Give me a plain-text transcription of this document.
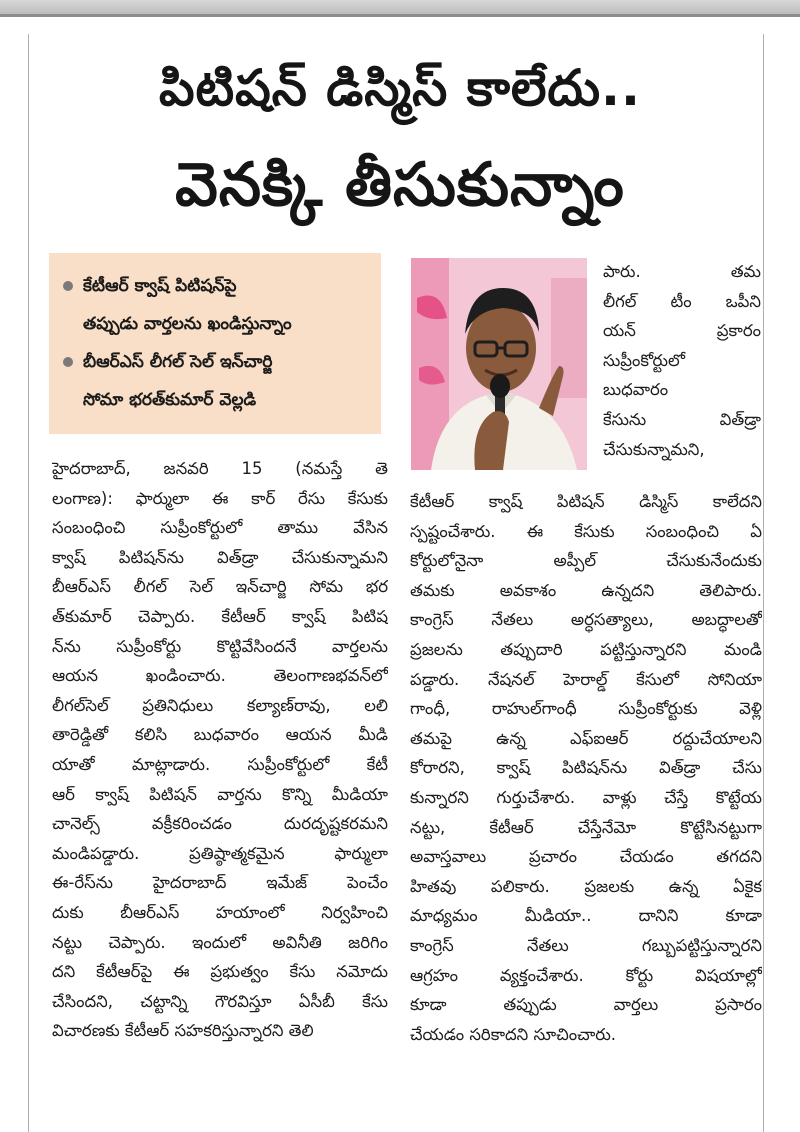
పిటిషన్ డిస్మిస్ కాలేదు..
వెనక్కి తీసుకున్నాం
కేటీఆర్ క్వాష్ పిటిషన్‌పై
తప్పుడు వార్తలను ఖండిస్తున్నాం
బీఆర్ఎస్ లీగల్ సెల్ ఇన్‌చార్జి
సోమా భరత్‌కుమార్ వెల్లడి
హైదరాబాద్, జనవరి 15 (నమస్తే తె
లంగాణ): ఫార్ములా ఈ కార్ రేసు కేసుకు
సంబంధించి సుప్రీంకోర్టులో తాము వేసిన
క్వాష్ పిటిషన్‌ను విత్‌డ్రా చేసుకున్నామని
బీఆర్ఎస్ లీగల్ సెల్ ఇన్‌చార్జి సోమ భర
త్‌కుమార్ చెప్పారు. కేటీఆర్ క్వాష్ పిటిష
న్‌ను సుప్రీంకోర్టు కొట్టివేసిందనే వార్తలను
ఆయన ఖండించారు. తెలంగాణభవన్‌లో
లీగల్‌సెల్ ప్రతినిధులు కల్యాణ్‌రావు, లలి
తారెడ్డితో కలిసి బుధవారం ఆయన మీడి
యాతో మాట్లాడారు. సుప్రీంకోర్టులో కేటీ
ఆర్ క్వాష్ పిటిషన్ వార్తను కొన్ని మీడియా
చానెల్స్ వక్రీకరించడం దురదృష్టకరమని
మండిపడ్డారు. ప్రతిష్ఠాత్మకమైన ఫార్ములా
ఈ-రేస్‌ను హైదరాబాద్ ఇమేజ్ పెంచేం
దుకు బీఆర్ఎస్ హయాంలో నిర్వహించి
నట్టు చెప్పారు. ఇందులో అవినీతి జరిగిం
దని కేటీఆర్‌పై ఈ ప్రభుత్వం కేసు నమోదు
చేసిందని, చట్టాన్ని గౌరవిస్తూ ఏసీబీ కేసు
విచారణకు కేటీఆర్ సహకరిస్తున్నారని తెలి
పారు. తమ
లీగల్ టీం ఒపీని
యన్ ప్రకారం
సుప్రీంకోర్టులో
బుధవారం
కేసును విత్‌డ్రా
చేసుకున్నామని,
కేటీఆర్ క్వాష్ పిటిషన్ డిస్మిస్ కాలేదని
స్పష్టంచేశారు. ఈ కేసుకు సంబంధించి ఏ
కోర్టులోనైనా అప్పీల్ చేసుకునేందుకు
తమకు అవకాశం ఉన్నదని తెలిపారు.
కాంగ్రెస్ నేతలు అర్ధసత్యాలు, అబద్ధాలతో
ప్రజలను తప్పుదారి పట్టిస్తున్నారని మండి
పడ్డారు. నేషనల్ హెరాల్డ్ కేసులో సోనియా
గాంధీ, రాహుల్‌గాంధీ సుప్రీంకోర్టుకు వెళ్లి
తమపై ఉన్న ఎఫ్ఐఆర్ రద్దుచేయాలని
కోరారని, క్వాష్ పిటిషన్‌ను విత్‌డ్రా చేసు
కున్నారని గుర్తుచేశారు. వాళ్లు చేస్తే కొట్టేయ
నట్టు, కేటీఆర్ చేస్తేనేమో కొట్టేసినట్టుగా
అవాస్తవాలు ప్రచారం చేయడం తగదని
హితవు పలికారు. ప్రజలకు ఉన్న ఏకైక
మాధ్యమం మీడియా.. దానిని కూడా
కాంగ్రెస్ నేతలు గబ్బుపట్టిస్తున్నారని
ఆగ్రహం వ్యక్తంచేశారు. కోర్టు విషయాల్లో
కూడా తప్పుడు వార్తలు ప్రసారం
చేయడం సరికాదని సూచించారు.
